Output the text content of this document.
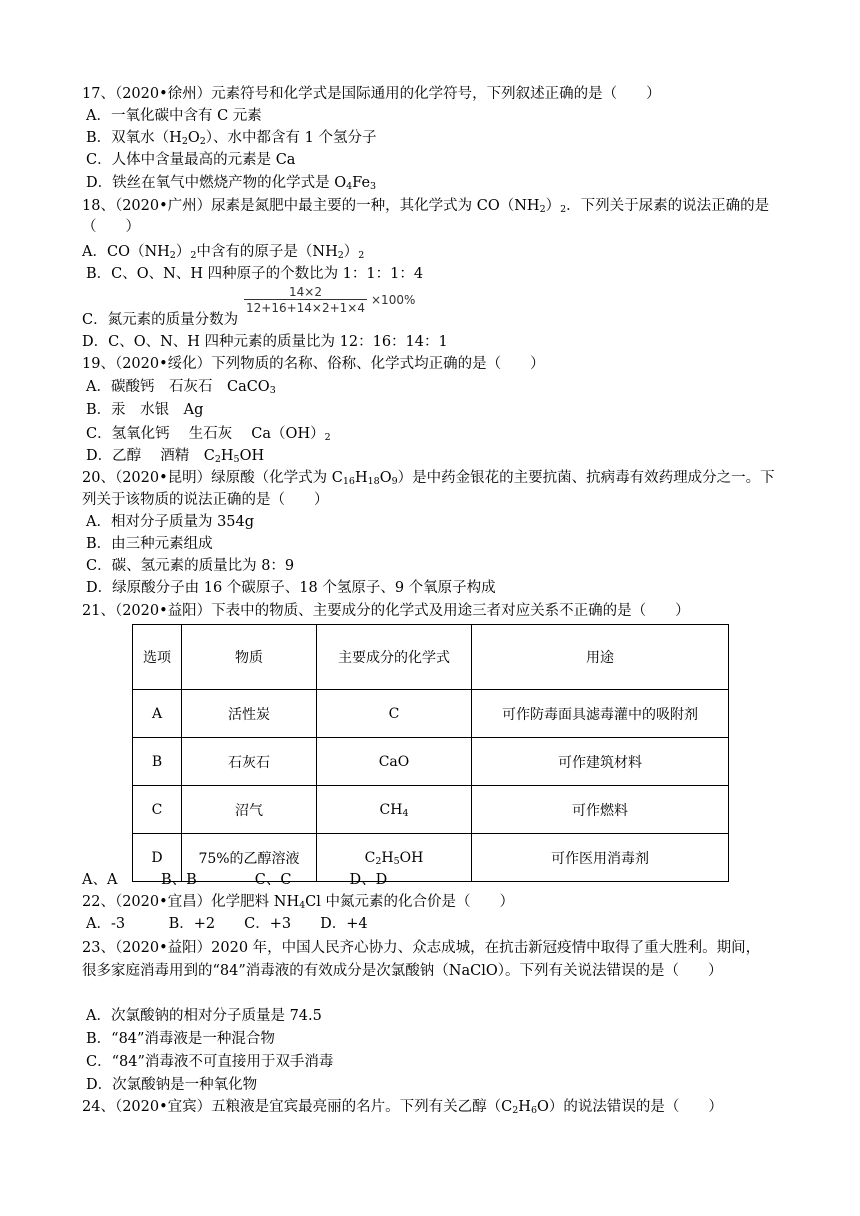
17、（2020•徐州）元素符号和化学式是国际通用的化学符号，下列叙述正确的是（　　）
A．一氧化碳中含有 C 元素
B．双氧水$(H_2O_2)$、水中都含有 1 个氢分子
C．人体中含量最高的元素是 Ca
D．铁丝在氧气中燃烧产物的化学式是 $O_4Fe_3$
18、（2020•广州）尿素是氮肥中最主要的一种，其化学式为 $CO(NH_2)_2$．下列关于尿素的说法正确的是
（　　）
A．$CO(NH_2)_2$中含有的原子是$(NH_2)_2$
B．C、O、N、H 四种原子的个数比为 1：1：1：4
$\frac{14\times 2}{12+16+14\times 2+1\times 4} \times 100\%$
C．氮元素的质量分数为
D．C、O、N、H 四种元素的质量比为 12：16：14：1
19、（2020•绥化）下列物质的名称、俗称、化学式均正确的是（　　）
A．碳酸钙　石灰石　CaCO$_3$
B．汞　水银　Ag
C．氢氧化钙　 生石灰　 $Ca(OH)_2$
D．乙醇　 酒精　$C_2H_5OH$
20、（2020•昆明）绿原酸（化学式为 $C_{16}H_{18}O_9$）是中药金银花的主要抗菌、抗病毒有效药理成分之一。下
列关于该物质的说法正确的是（　　）
A．相对分子质量为 354g
B．由三种元素组成
C．碳、氢元素的质量比为 8：9
D．绿原酸分子由 16 个碳原子、18 个氢原子、9 个氧原子构成
21、（2020•益阳）下表中的物质、主要成分的化学式及用途三者对应关系不正确的是（　　）
选项	物质	主要成分的化学式	用途
A	活性炭	C	可作防毒面具滤毒灌中的吸附剂
B	石灰石	CaO	可作建筑材料
C	沼气	$CH_4$	可作燃料
D	75%的乙醇溶液	$C_2H_5OH$	可作医用消毒剂
A、A　　　B、B　　　　C、C　　　　D、D
22、（2020•宜昌）化学肥料 $NH_4Cl$ 中氮元素的化合价是（　　）
A．-3　　　B．+2　　C．+3　　D．+4
23、（2020•益阳）2020 年，中国人民齐心协力、众志成城，在抗击新冠疫情中取得了重大胜利。期间，
很多家庭消毒用到的“84”消毒液的有效成分是次氯酸钠（NaClO）。下列有关说法错误的是（　　）
A．次氯酸钠的相对分子质量是 74.5
B．“84”消毒液是一种混合物
C．“84”消毒液不可直接用于双手消毒
D．次氯酸钠是一种氧化物
24、（2020•宜宾）五粮液是宜宾最亮丽的名片。下列有关乙醇$(C_2H_6O)$的说法错误的是（　　）
